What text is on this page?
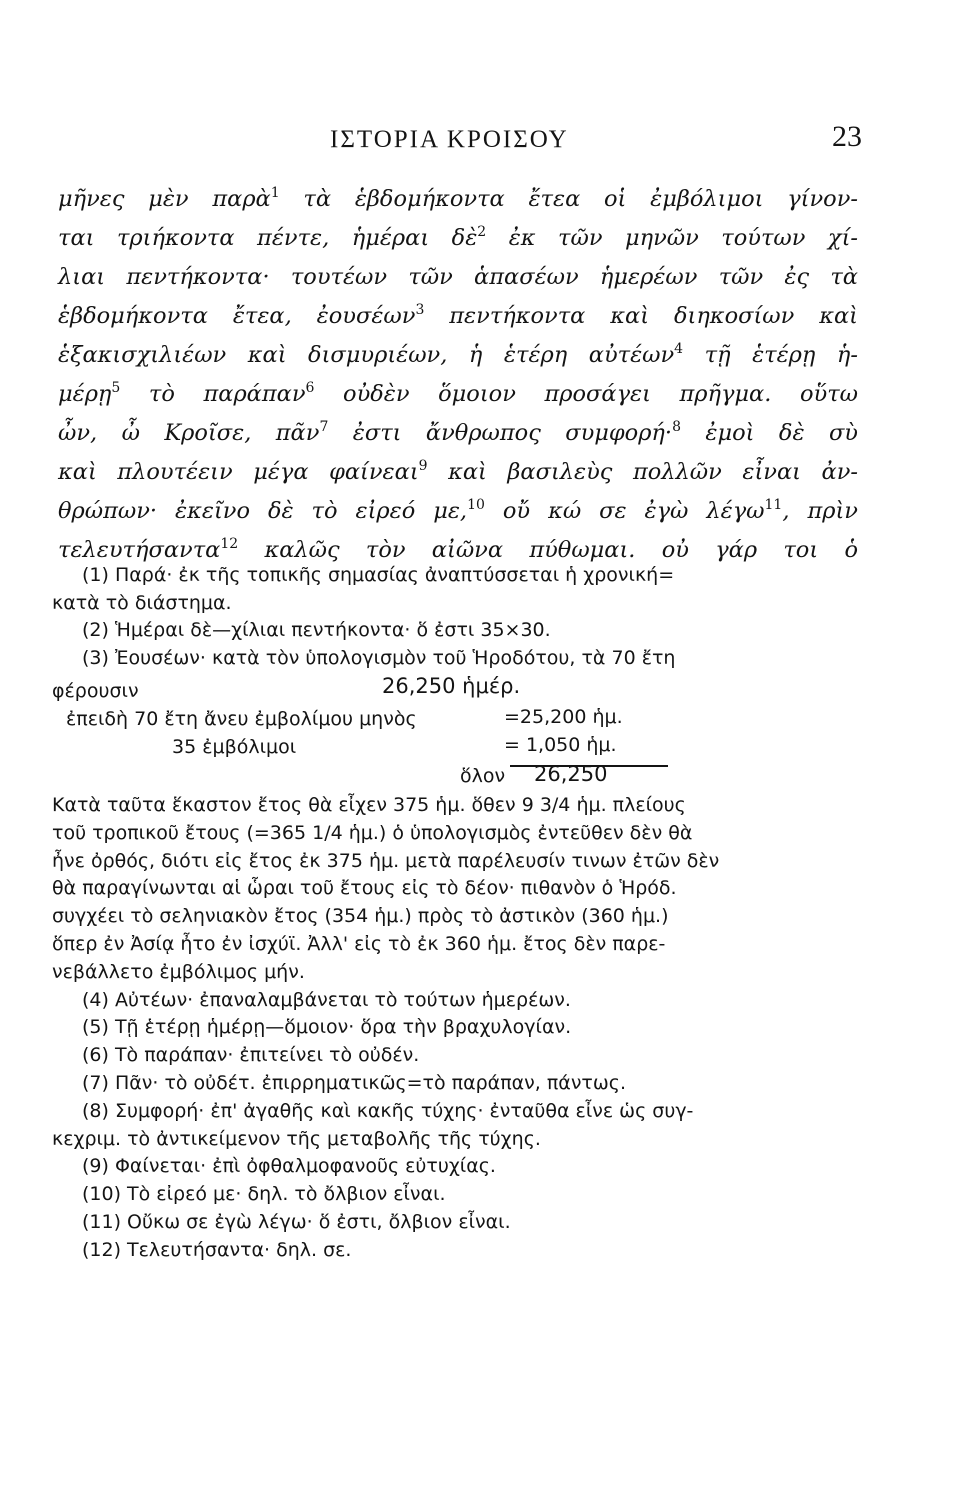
ΙΣΤΟΡΙΑ ΚΡΟΙΣΟΥ	23
μῆνες μὲν παρὰ$^1$ τὰ ἑβδομήκοντα ἔτεα οἱ ἐμβόλιμοι γίνον-
ται τριήκοντα πέντε, ἡμέραι δὲ$^2$ ἐκ τῶν μηνῶν τούτων χί-
λιαι πεντήκοντα· τουτέων τῶν ἁπασέων ἡμερέων τῶν ἐς τὰ
ἑβδομήκοντα ἔτεα, ἐουσέων$^3$ πεντήκοντα καὶ διηκοσίων καὶ
ἑξακισχιλιέων καὶ δισμυριέων, ἡ ἑτέρη αὐτέων$^4$ τῇ ἑτέρῃ ἡ-
μέρῃ$^5$ τὸ παράπαν$^6$ οὐδὲν ὅμοιον προσάγει πρῆγμα. οὕτω
ὦν, ὦ Κροῖσε, πᾶν$^7$ ἐστι ἄνθρωπος συμφορή·$^8$ ἐμοὶ δὲ σὺ
καὶ πλουτέειν μέγα φαίνεαι$^9$ καὶ βασιλεὺς πολλῶν εἶναι ἀν-
θρώπων· ἐκεῖνο δὲ τὸ εἰρεό με,$^{10}$ οὔ κώ σε ἐγὼ λέγω$^{11}$, πρὶν
τελευτήσαντα$^{12}$ καλῶς τὸν αἰῶνα πύθωμαι. οὐ γάρ τοι ὁ
(1) Παρά· ἐκ τῆς τοπικῆς σημασίας ἀναπτύσσεται ἡ χρονική=
κατὰ τὸ διάστημα.
(2) Ἡμέραι δὲ—χίλιαι πεντήκοντα· ὅ ἐστι 35×30.
(3) Ἐουσέων· κατὰ τὸν ὑπολογισμὸν τοῦ Ἡροδότου, τὰ 70 ἔτη
φέρουσιν	26,250 ἡμέρ.
ἐπειδὴ 70 ἔτη ἄνευ ἐμβολίμου μηνὸς	=25,200 ἡμ.
35 ἐμβόλιμοι	= 1,050 ἡμ.
ὅλον 26,250
Κατὰ ταῦτα ἕκαστον ἔτος θὰ εἶχεν 375 ἡμ. ὅθεν 9 3/4 ἡμ. πλείους
τοῦ τροπικοῦ ἔτους (=365 1/4 ἡμ.) ὁ ὑπολογισμὸς ἐντεῦθεν δὲν θὰ
ἦνε ὀρθός, διότι εἰς ἔτος ἐκ 375 ἡμ. μετὰ παρέλευσίν τινων ἐτῶν δὲν
θὰ παραγίνωνται αἱ ὧραι τοῦ ἔτους εἰς τὸ δέον· πιθανὸν ὁ Ἡρόδ.
συγχέει τὸ σεληνιακὸν ἔτος (354 ἡμ.) πρὸς τὸ ἀστικὸν (360 ἡμ.)
ὅπερ ἐν Ἀσίᾳ ἦτο ἐν ἰσχύϊ. Ἀλλ' εἰς τὸ ἐκ 360 ἡμ. ἔτος δὲν παρε-
νεβάλλετο ἐμβόλιμος μήν.
(4) Αὐτέων· ἐπαναλαμβάνεται τὸ τούτων ἡμερέων.
(5) Τῇ ἑτέρῃ ἡμέρῃ—ὅμοιον· ὅρα τὴν βραχυλογίαν.
(6) Τὸ παράπαν· ἐπιτείνει τὸ οὐδέν.
(7) Πᾶν· τὸ οὐδέτ. ἐπιρρηματικῶς=τὸ παράπαν, πάντως.
(8) Συμφορή· ἐπ' ἀγαθῆς καὶ κακῆς τύχης· ἐνταῦθα εἶνε ὡς συγ-
κεχριμ. τὸ ἀντικείμενον τῆς μεταβολῆς τῆς τύχης.
(9) Φαίνεται· ἐπὶ ὀφθαλμοφανοῦς εὐτυχίας.
(10) Τὸ εἰρεό με· δηλ. τὸ ὄλβιον εἶναι.
(11) Οὔκω σε ἐγὼ λέγω· ὅ ἐστι, ὄλβιον εἶναι.
(12) Τελευτήσαντα· δηλ. σε.
